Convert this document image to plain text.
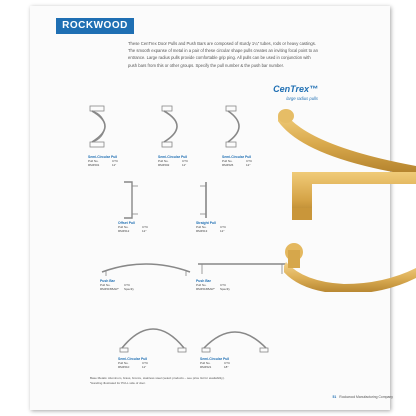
ROCKWOOD
These CenTrex Door Pulls and Push Bars are composed of sturdy 1¼" tubes, rods or heavy castings. The smooth expanse of metal in a pair of these circular shape pulls creates an inviting focal point to an entrance. Large radius pulls provide comfortable grip ping. All pulls can be used in conjunction with push bars from this or other groups. Specify the pull number & the push bar number.
CenTrex™
large radius pulls
Semi-Circular Pull
Pull No.	CTC
RM4501	11"
Semi-Circular Pull
Pull No.	CTC
RM4502	11"
Semi-Circular Pull
Pull No.	CTC
RM4526	12"
Offset Pull
Pull No.	CTC
RM4512	12"
Straight Pull
Pull No.	CTC
RM4513	12"
Push Bar
Pull No.	CTC
RM4515BAR*	Specify
Push Bar
Pull No.	CTC
RM4516BAR*	Specify
Semi-Circular Pull
Pull No.	CTC
RM4510	11"
Semi-Circular Pull
Pull No.	CTC
RM4521	18"
Base Metals: Aluminum, brass, bronze, stainless steel (select products – see price list for availability).
*Handing illustrated for PULL side of door.
51 Rockwood Manufacturing Company
